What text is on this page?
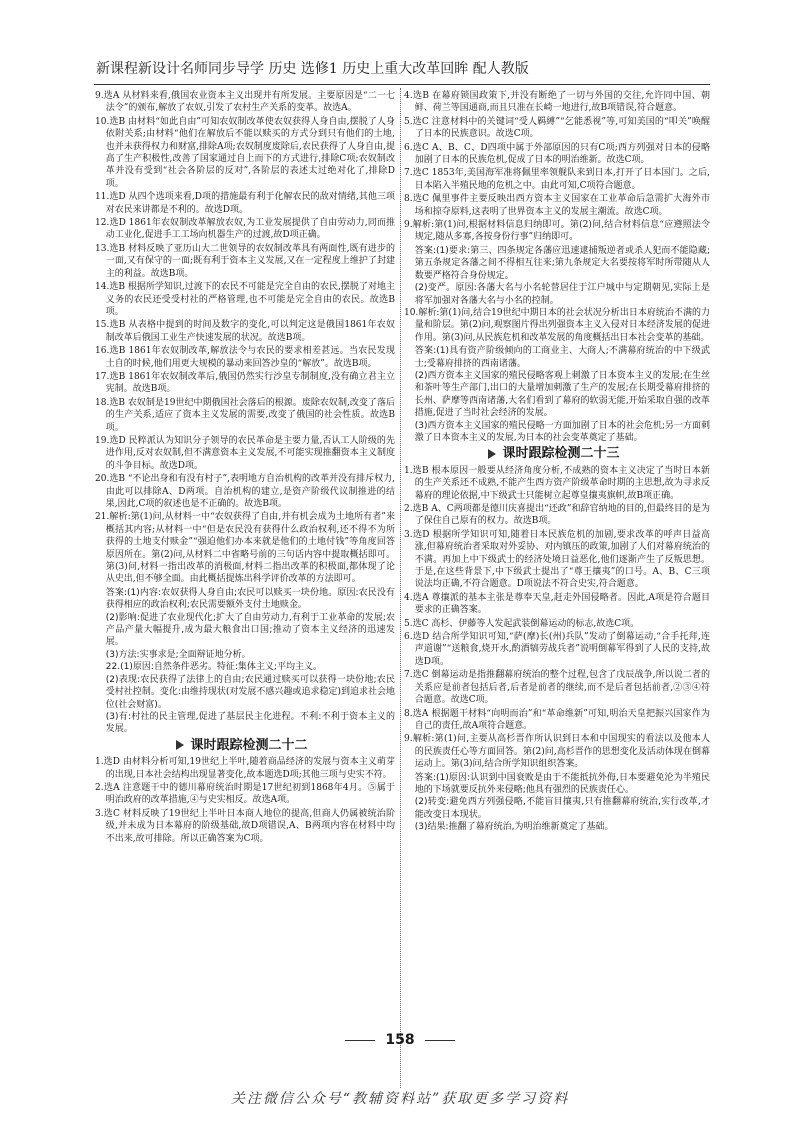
新课程新设计名师同步导学 历史 选修1 历史上重大改革回眸 配人教版

9.选A 从材料来看,俄国农业资本主义出现并有所发展。主要原因是“二一七法令”的颁布,解放了农奴,引发了农村生产关系的变革。故选A。

10.选B 由材料“如此自由”可知农奴制改革使农奴获得人身自由,摆脱了人身依附关系;由材料“他们在解放后不能以赎买的方式分到只有他们的土地,也并未获得权力和财富,排除A项;农奴制度废除后,农民获得了人身自由,提高了生产积极性,改善了国家通过自上而下的方式进行,排除C项;农奴制改革并没有受到“社会各阶层的反对”,各阶层的表述太过绝对化了,排除D项。

11.选D 从四个选项来看,D项的措施最有利于化解农民的敌对情绪,其他三项对农民来讲都是不利的。故选D项。

12.选D 1861年农奴制改革解放农奴,为工业发展提供了自由劳动力,同而推动工业化,促进手工工场向机器生产的过渡,故D项正确。

13.选B 材料反映了亚历山大二世领导的农奴制改革具有两面性,既有进步的一面,又有保守的一面;既有利于资本主义发展,又在一定程度上维护了封建主的利益。故选B项。

14.选B 根据所学知识,过渡下的农民不可能是完全自由的农民,摆脱了对地主义务的农民还受受村社的严格管理,也不可能是完全自由的农民。故选B项。

15.选B 从表格中提到的时间及数字的变化,可以判定这是俄国1861年农奴制改革后俄国工业生产快速发展的状况。故选B项。

16.选B 1861年农奴制改革,解放法令与农民的要求相差甚远。当农民发现土自的时候,他们用更大规模的暴动来回答沙皇的“解放”。故选B项。

17.选B 1861年农奴制改革后,俄国仍然实行沙皇专制制度,没有确立君主立宪制。故选B项。

18.选B 农奴制是19世纪中期俄国社会落后的根源。废除农奴制,改变了落后的生产关系,适应了资本主义发展的需要,改变了俄国的社会性质。故选B项。

19.选D 民粹派认为知识分子领导的农民革命是主要力量,否认工人阶级的先进作用,反对农奴制,但不满意资本主义发展,不可能实现推翻资本主义制度的斗争目标。故选D项。

20.选B “不论出身和有没有村子”,表明地方自治机构的改革并没有排斥权力,由此可以排除A、D两项。自治机构的建立,是资产阶级代议制推进的结果,因此,C项的叙述也是不正确的。故选B项。

21.解析:第(1)问,从材料一中“农奴获得了自由,并有机会成为土地所有者”来概括其内容;从材料一中“但是农民没有获得什么政治权利,还不得不为所获得的土地支付赎金”“强迫他们办本来就是他们的土地付钱”等角度回答原因所在。第(2)问,从材料二中省略号前的三句话内容中提取概括即可。第(3)问,材料一指出改革的消极面,材料二指出改革的积极面,都体现了论从史出,但不够全面。由此概括提炼出科学评价改革的方法即可。

答案:(1)内容:农奴获得人身自由;农民可以赎买一块份地。原因:农民没有获得相应的政治权利;农民需要额外支付土地赎金。

(2)影响:促进了农业现代化;扩大了自由劳动力,有利于工业革命的发展;农产品产量大幅提升,成为最大粮食出口国;推动了资本主义经济的迅速发展。

(3)方法:实事求是;全面辩证地分析。

22.(1)原因:自然条件恶劣。特征:集体主义;平均主义。

(2)表现:农民获得了法律上的自由;农民通过赎买可以获得一块份地;农民受村社控制。变化:由维持现状(对发展不感兴趣或追求稳定)到追求社会地位(社会财富)。

(3)有:村社的民主管理,促进了基层民主化进程。不利:不利于资本主义的发展。

课时跟踪检测二十二

1.选D 由材料分析可知,19世纪上半叶,随着商品经济的发展与资本主义萌芽的出现,日本社会结构出现显著变化,故本题选D项;其他三项与史实不符。

2.选A 注意题干中的德川幕府统治时期是17世纪初到1868年4月。⑤属于明治政府的改革措施,④与史实相反。故选A项。

3.选C 材料反映了19世纪上半叶日本商人地位的提高,但商人仍属被统治阶级,并未成为日本幕府的阶级基础,故D项错误,A、B两项内容在材料中均不出来,故可排除。所以正确答案为C项。

4.选B 在幕府锁国政策下,并没有断绝了一切与外国的交往,允许同中国、朝鲜、荷兰等国通商,而且只准在长崎一地进行,故B项错误,符合题意。

5.选C 注意材料中的关键词“受人羁縛”“乞能悉视”等,可知美国的“叩关”唤醒了日本的民族意识。故选C项。

6.选C A、B、C、D四项中属于外部原因的只有C项;西方列强对日本的侵略加剧了日本的民族危机,促成了日本的明治维新。故选C项。

7.选C 1853年,美国海军准将佩里率领舰队来到日本,打开了日本国门。之后,日本陷入半殖民地的危机之中。由此可知,C项符合题意。

8.选C 佩里事件主要反映出西方资本主义国家在工业革命后急需扩大海外市场和掠夺原料,这表明了世界资本主义的发展主潮流。故选C项。

9.解析:第(1)问,根据材料信息归纳即可。第(2)问,结合材料信息“应遵照法令规定,随从多寡,各按身份行事”归纳即可。

答案:(1)要求:第三、四条规定各藩应迅速逮捕叛逆者或杀人犯而不能隐藏;第五条规定各藩之间不得相互往来;第九条规定大名要按将军时所带随从人数要严格符合身份规定。

(2)变严。原因:各藩大名与小名轮替居住于江户城中与定期朝见,实际上是将军加强对各藩大名与小名的控制。

10.解析:第(1)问,结合19世纪中期日本的社会状况分析出日本府统治不满的力量和阶层。第(2)问,观察图片得出列强资本主义入侵对日本经济发展的促进作用。第(3)问,从民族危机和改革发展的角度概括出日本社会变革的基础。

答案:(1)具有资产阶级倾向的工商业主、大商人;不满幕府统治的中下级武士;受幕府排挤的西南诸藩。

(2)西方资本主义国家的殖民侵略客观上刺激了日本资本主义的发展;在生丝和茶叶等生产部门,出口的大量增加刺激了生产的发展;在长期受幕府排挤的长州、萨摩等西南诸藩,大名们看到了幕府的软弱无能,开始采取自强的改革措施,促进了当时社会经济的发展。

(3)西方资本主义国家的殖民侵略一方面加剧了日本的社会危机;另一方面刺激了日本资本主义的发展,为日本的社会变革奠定了基础。

课时跟踪检测二十三

1.选B 根本原因一般要从经济角度分析,不成熟的资本主义决定了当时日本新的生产关系还不成熟,不能产生西方资产阶级革命时期的主思想,故为寻求反幕府的理论依据,中下级武士只能树立起尊皇攘夷旗帜,故B项正确。

2.选B A、C两项都是德川庆喜提出“还政”和辞官纳地的目的,但最终目的是为了保住自己原有的权力。故选B项。

3.选D 根据所学知识可知,随着日本民族危机的加剧,要求改革的呼声日益高涨,但幕府统治者采取对外妥协、对内镇压的政策,加剧了人们对幕府统治的不满。再加上中下级武士的经济处境日益恶化,他们逐渐产生了反叛思想。于是,在这些背景下,中下级武士提出了“尊王攘夷”的口号。A、B、C三项说法均正确,不符合题意。D项说法不符合史实,符合题意。

4.选A 尊攘派的基本主张是尊奉天皇,赶走外国侵略者。因此,A项是符合题目要求的正确答案。

5.选C 高杉、伊藤等人发起武装倒幕运动的标志,故选C项。

6.选D 结合所学知识可知,“萨(摩)长(州)兵队”发动了倒幕运动,“合手托拜,连声道谢”“送粮食,烧开水,酌酒犒劳战兵者”说明倒幕军得到了人民的支持,故选D项。

7.选C 倒幕运动是指推翻幕府统治的整个过程,包含了戊辰战争,所以说二者的关系应是前者包括后者,后者是前者的继续,而不是后者包括前者,②③④符合题意。故选C项。

8.选A 根据题干材料“向明而治”和“革命维新”可知,明治天皇把振兴国家作为自己的责任,故A项符合题意。

9.解析:第(1)问,主要从高杉晋作所认识到日本和中国现实的看法以及他本人的民族责任心等方面回答。第(2)问,高杉晋作的思想变化及活动体现在倒幕运动上。第(3)问,结合所学知识组织答案。

答案:(1)原因:认识到中国衰败是由于不能抵抗外侮,日本要避免沦为半殖民地的下场就要反抗外来侵略;他具有强烈的民族责任心。

(2)转变:避免西方列强侵略,不能盲目攘夷,只有推翻幕府统治,实行改革,才能改变日本现状。

(3)结果:推翻了幕府统治,为明治维新奠定了基础。

158
关注微信公众号“教辅资料站”获取更多学习资料
